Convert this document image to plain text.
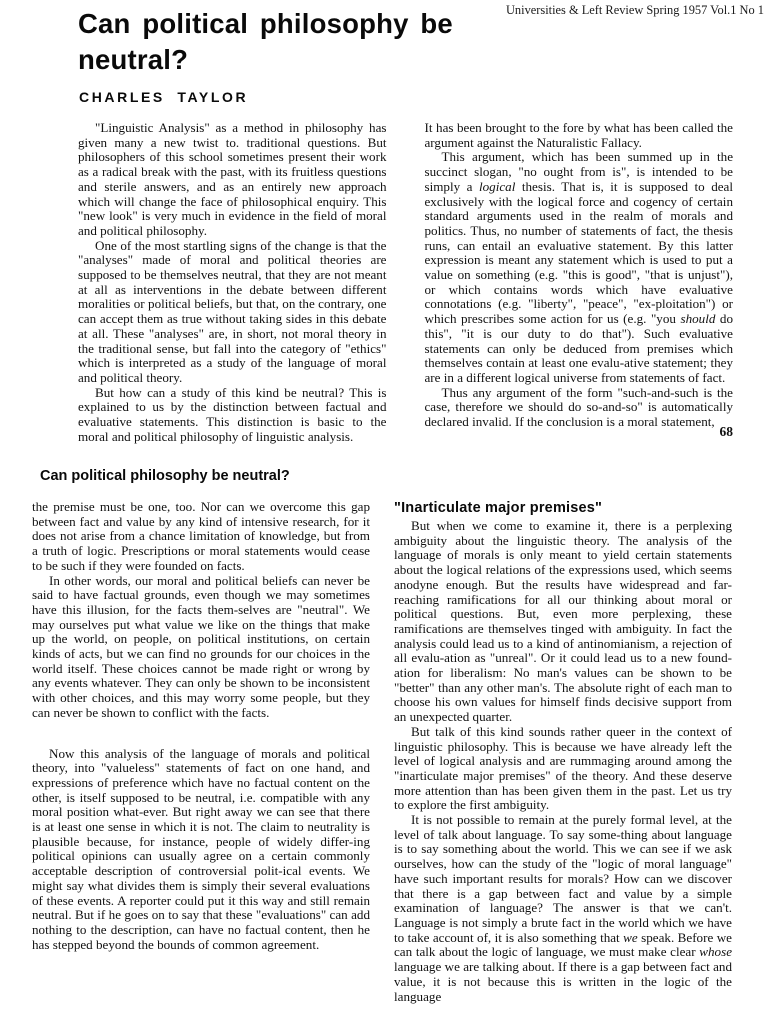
Universities & Left Review Spring 1957 Vol.1 No 1
Can political philosophy be neutral?
CHARLES TAYLOR

"Linguistic Analysis" as a method in philosophy has given many a new twist to. traditional questions. But philosophers of this school sometimes present their work as a radical break with the past, with its fruitless questions and sterile answers, and as an entirely new approach which will change the face of philosophical enquiry. This "new look" is very much in evidence in the field of moral and political philosophy.

One of the most startling signs of the change is that the "analyses" made of moral and political theories are supposed to be themselves neutral, that they are not meant at all as interventions in the debate between different moralities or political beliefs, but that, on the contrary, one can accept them as true without taking sides in this debate at all. These "analyses" are, in short, not moral theory in the traditional sense, but fall into the category of "ethics" which is interpreted as a study of the language of moral and political theory.

But how can a study of this kind be neutral? This is explained to us by the distinction between factual and evaluative statements. This distinction is basic to the moral and political philosophy of linguistic analysis.

It has been brought to the fore by what has been called the argument against the Naturalistic Fallacy.

This argument, which has been summed up in the succinct slogan, "no ought from is", is intended to be simply a logical thesis. That is, it is supposed to deal exclusively with the logical force and cogency of certain standard arguments used in the realm of morals and politics. Thus, no number of statements of fact, the thesis runs, can entail an evaluative statement. By this latter expression is meant any statement which is used to put a value on something (e.g. "this is good", "that is unjust"), or which contains words which have evaluative connotations (e.g. "liberty", "peace", "ex-ploitation") or which prescribes some action for us (e.g. "you should do this", "it is our duty to do that"). Such evaluative statements can only be deduced from premises which themselves contain at least one evalu-ative statement; they are in a different logical universe from statements of fact.

Thus any argument of the form "such-and-such is the case, therefore we should do so-and-so" is automatically declared invalid. If the conclusion is a moral statement,

68
Can political philosophy be neutral?

the premise must be one, too. Nor can we overcome this gap between fact and value by any kind of intensive research, for it does not arise from a chance limitation of knowledge, but from a truth of logic. Prescriptions or moral statements would cease to be such if they were founded on facts.

In other words, our moral and political beliefs can never be said to have factual grounds, even though we may sometimes have this illusion, for the facts them-selves are "neutral". We may ourselves put what value we like on the things that make up the world, on people, on political institutions, on certain kinds of acts, but we can find no grounds for our choices in the world itself. These choices cannot be made right or wrong by any events whatever. They can only be shown to be inconsistent with other choices, and this may worry some people, but they can never be shown to conflict with the facts.

Now this analysis of the language of morals and political theory, into "valueless" statements of fact on one hand, and expressions of preference which have no factual content on the other, is itself supposed to be neutral, i.e. compatible with any moral position what-ever. But right away we can see that there is at least one sense in which it is not. The claim to neutrality is plausible because, for instance, people of widely differ-ing political opinions can usually agree on a certain commonly acceptable description of controversial polit-ical events. We might say what divides them is simply their several evaluations of these events. A reporter could put it this way and still remain neutral. But if he goes on to say that these "evaluations" can add nothing to the description, can have no factual content, then he has stepped beyond the bounds of common agreement.

"Inarticulate major premises"

But when we come to examine it, there is a perplexing ambiguity about the linguistic theory. The analysis of the language of morals is only meant to yield certain statements about the logical relations of the expressions used, which seems anodyne enough. But the results have widespread and far-reaching ramifications for all our thinking about moral or political questions. But, even more perplexing, these ramifications are themselves tinged with ambiguity. In fact the analysis could lead us to a kind of antinomianism, a rejection of all evalu-ation as "unreal". Or it could lead us to a new found-ation for liberalism: No man's values can be shown to be "better" than any other man's. The absolute right of each man to choose his own values for himself finds decisive support from an unexpected quarter.

But talk of this kind sounds rather queer in the context of linguistic philosophy. This is because we have already left the level of logical analysis and are rummaging around among the "inarticulate major premises" of the theory. And these deserve more attention than has been given them in the past. Let us try to explore the first ambiguity.

It is not possible to remain at the purely formal level, at the level of talk about language. To say some-thing about language is to say something about the world. This we can see if we ask ourselves, how can the study of the "logic of moral language" have such important results for morals? How can we discover that there is a gap between fact and value by a simple examination of language? The answer is that we can't. Language is not simply a brute fact in the world which we have to take account of, it is also something that we speak. Before we can talk about the logic of language, we must make clear whose language we are talking about. If there is a gap between fact and value, it is not because this is written in the logic of the language
